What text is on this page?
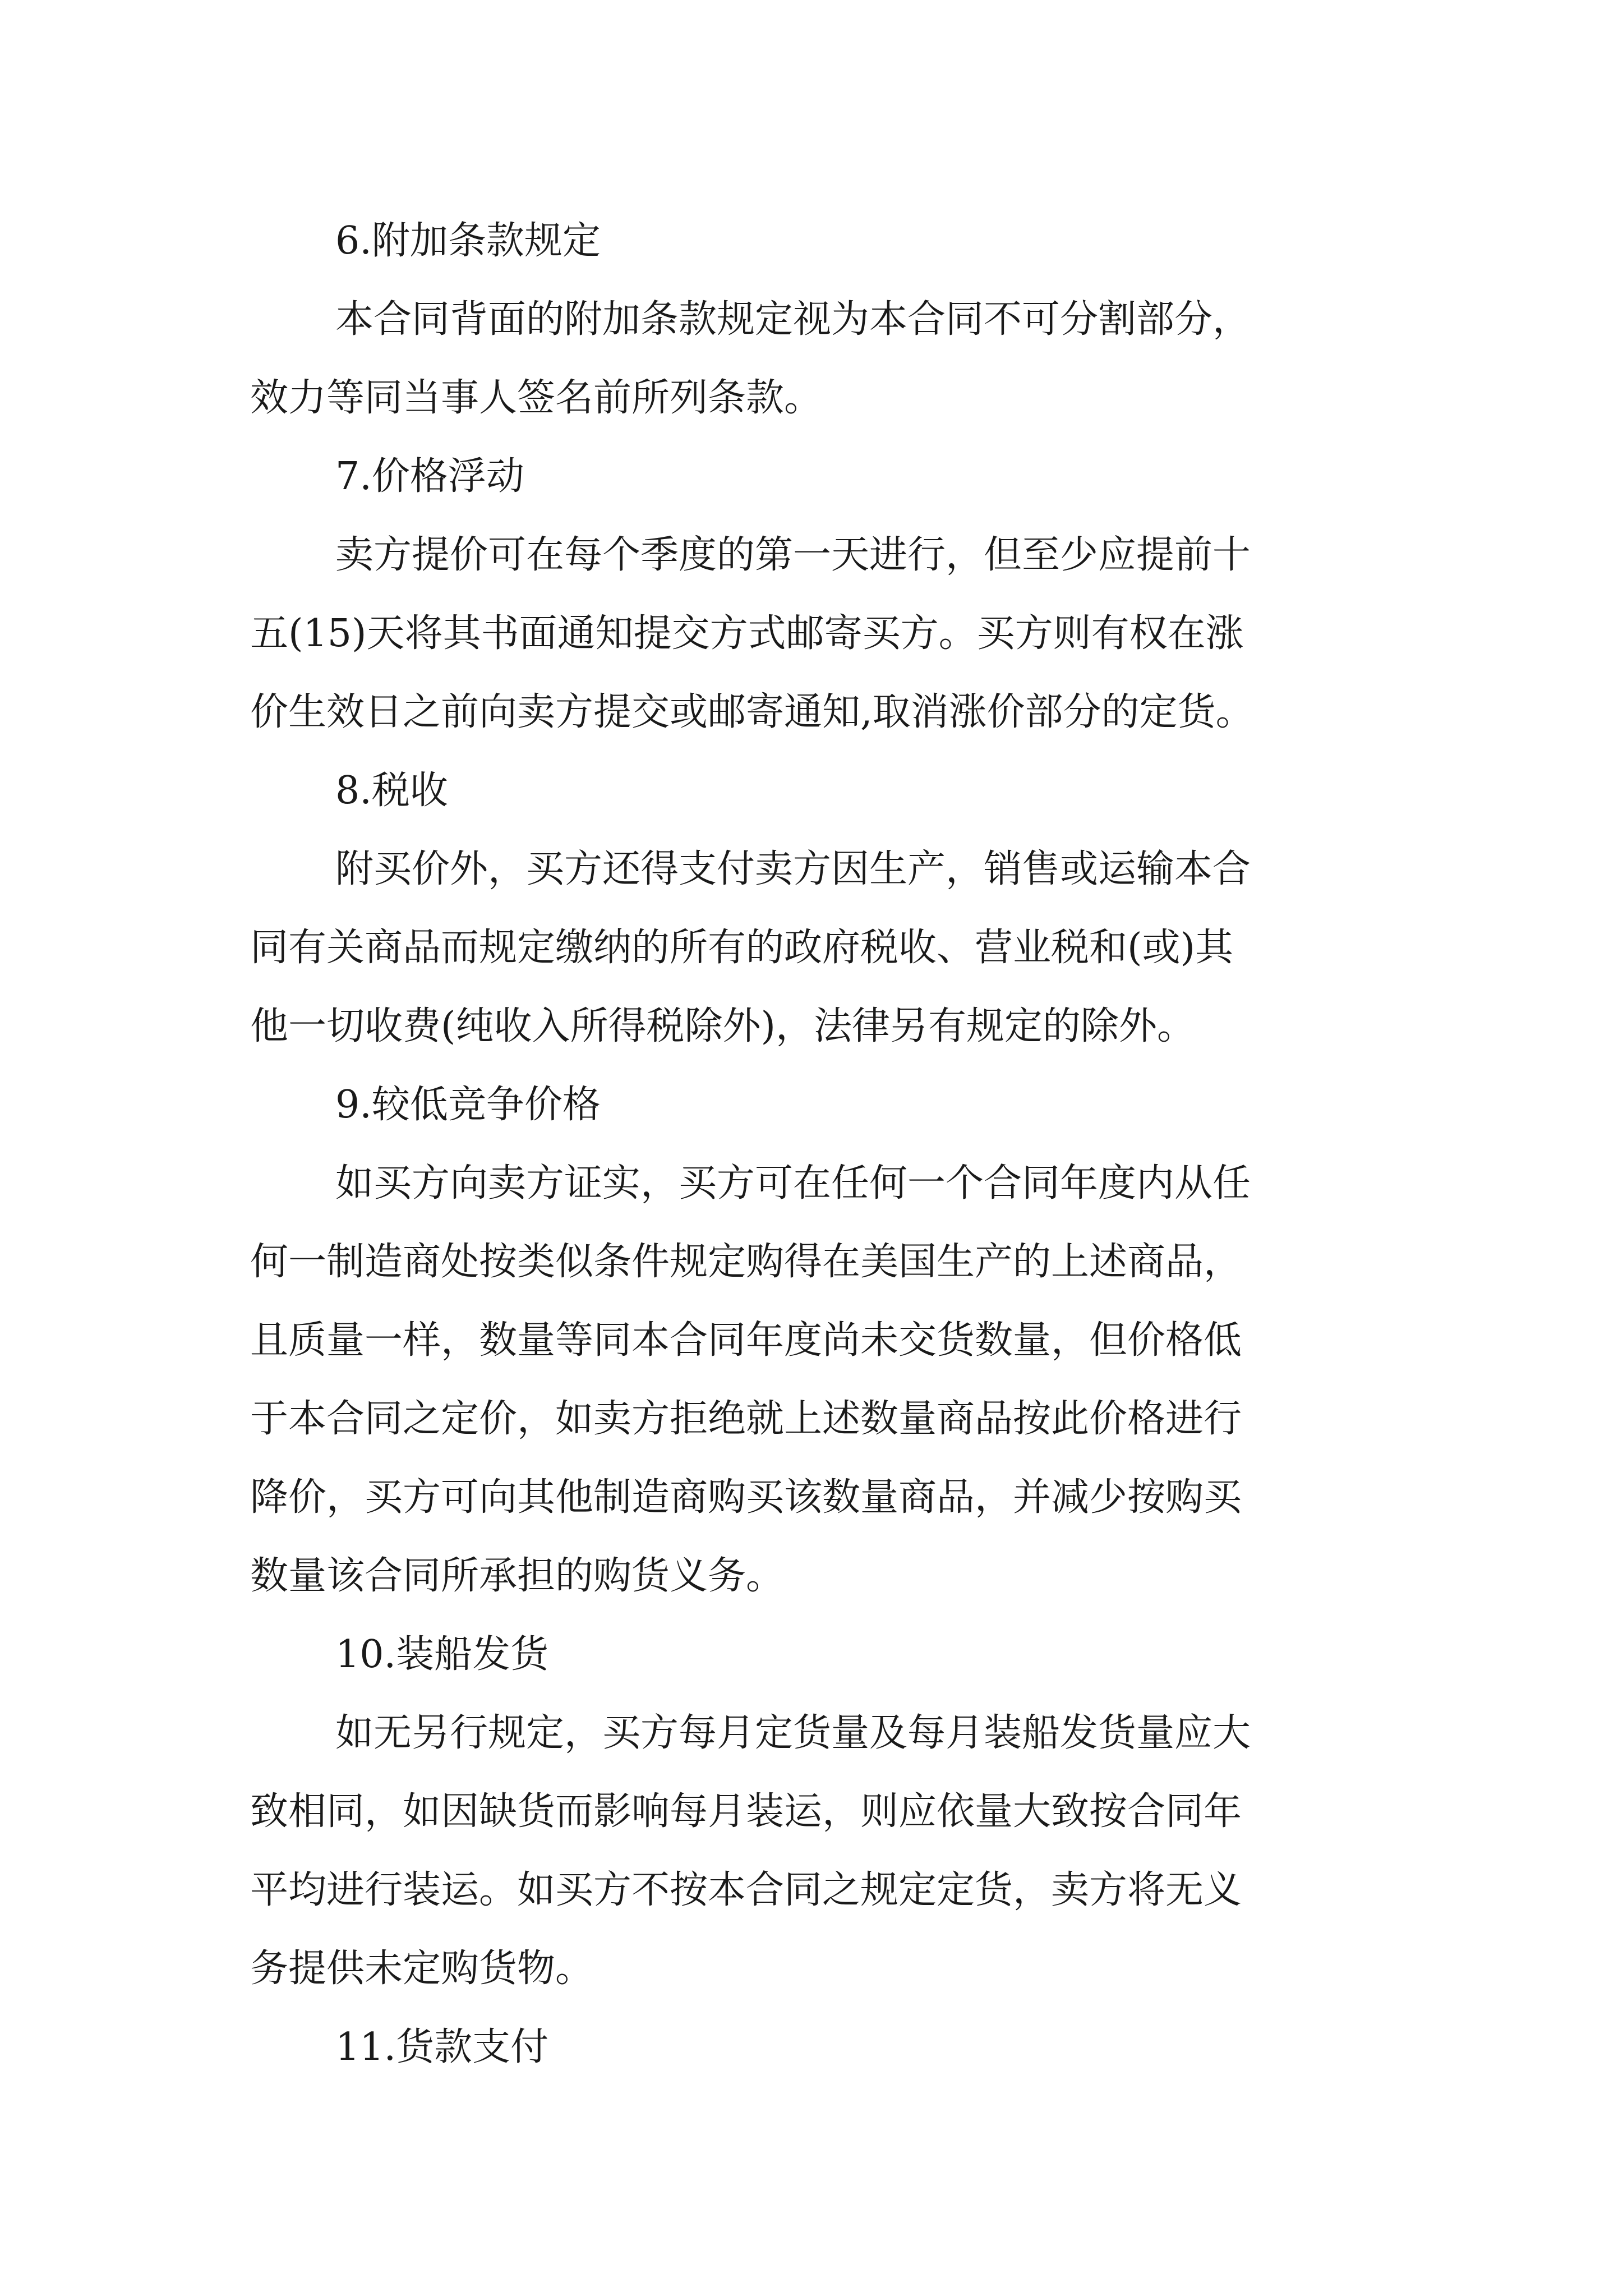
6.附加条款规定
本合同背面的附加条款规定视为本合同不可分割部分，
效力等同当事人签名前所列条款。
7.价格浮动
卖方提价可在每个季度的第一天进行，但至少应提前十
五(15)天将其书面通知提交方式邮寄买方。买方则有权在涨
价生效日之前向卖方提交或邮寄通知,取消涨价部分的定货。
8.税收
附买价外，买方还得支付卖方因生产，销售或运输本合
同有关商品而规定缴纳的所有的政府税收、营业税和(或)其
他一切收费(纯收入所得税除外)，法律另有规定的除外。
9.较低竞争价格
如买方向卖方证实，买方可在任何一个合同年度内从任
何一制造商处按类似条件规定购得在美国生产的上述商品，
且质量一样，数量等同本合同年度尚未交货数量，但价格低
于本合同之定价，如卖方拒绝就上述数量商品按此价格进行
降价，买方可向其他制造商购买该数量商品，并减少按购买
数量该合同所承担的购货义务。
10.装船发货
如无另行规定，买方每月定货量及每月装船发货量应大
致相同，如因缺货而影响每月装运，则应依量大致按合同年
平均进行装运。如买方不按本合同之规定定货，卖方将无义
务提供未定购货物。
11.货款支付
